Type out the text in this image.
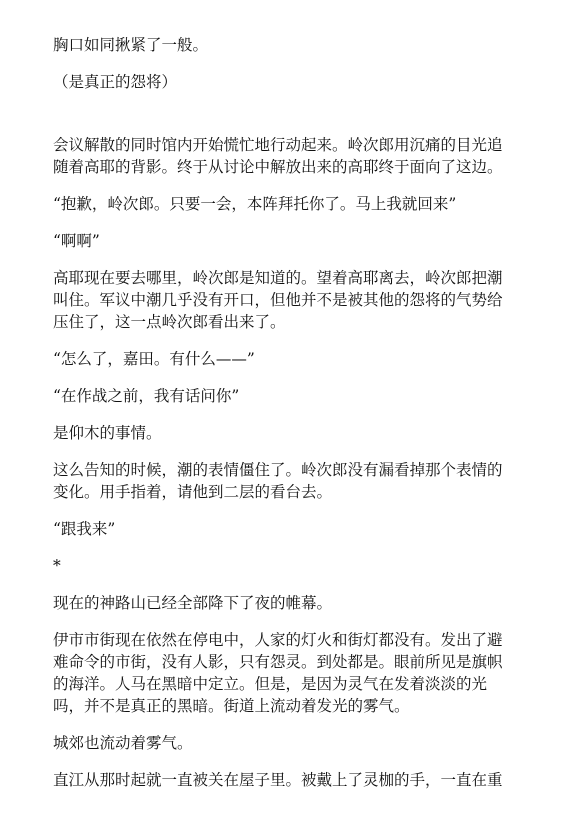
胸口如同揪紧了一般。

（是真正的怨将）

会议解散的同时馆内开始慌忙地行动起来。岭次郎用沉痛的目光追
随着高耶的背影。终于从讨论中解放出来的高耶终于面向了这边。

“抱歉，岭次郎。只要一会，本阵拜托你了。马上我就回来”

“啊啊”

高耶现在要去哪里，岭次郎是知道的。望着高耶离去，岭次郎把潮
叫住。军议中潮几乎没有开口，但他并不是被其他的怨将的气势给
压住了，这一点岭次郎看出来了。

“怎么了，嘉田。有什么——”

“在作战之前，我有话问你”

是仰木的事情。

这么告知的时候，潮的表情僵住了。岭次郎没有漏看掉那个表情的
变化。用手指着，请他到二层的看台去。

“跟我来”

*

现在的神路山已经全部降下了夜的帷幕。

伊市市街现在依然在停电中，人家的灯火和街灯都没有。发出了避
难命令的市街，没有人影，只有怨灵。到处都是。眼前所见是旗帜
的海洋。人马在黑暗中定立。但是，是因为灵气在发着淡淡的光
吗，并不是真正的黑暗。街道上流动着发光的雾气。

城郊也流动着雾气。

直江从那时起就一直被关在屋子里。被戴上了灵枷的手，一直在重
